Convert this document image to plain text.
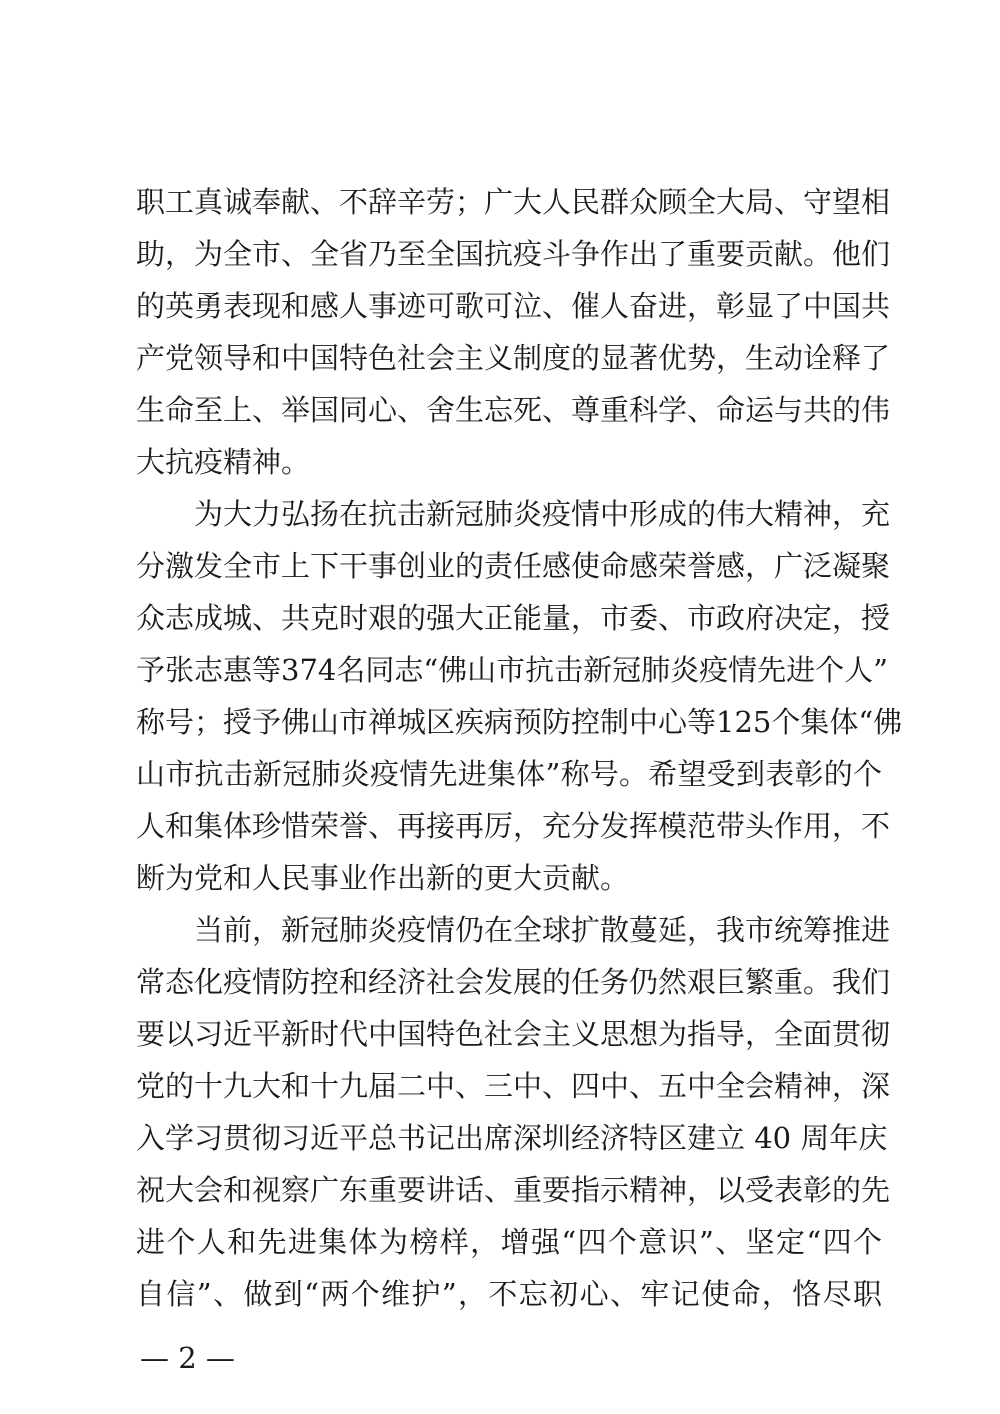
职工真诚奉献、不辞辛劳；广大人民群众顾全大局、守望相
助，为全市、全省乃至全国抗疫斗争作出了重要贡献。他们
的英勇表现和感人事迹可歌可泣、催人奋进，彰显了中国共
产党领导和中国特色社会主义制度的显著优势，生动诠释了
生命至上、举国同心、舍生忘死、尊重科学、命运与共的伟
大抗疫精神。
为大力弘扬在抗击新冠肺炎疫情中形成的伟大精神，充
分激发全市上下干事创业的责任感使命感荣誉感，广泛凝聚
众志成城、共克时艰的强大正能量，市委、市政府决定，授
予张志惠等374名同志“佛山市抗击新冠肺炎疫情先进个人”
称号；授予佛山市禅城区疾病预防控制中心等125个集体“佛
山市抗击新冠肺炎疫情先进集体”称号。希望受到表彰的个
人和集体珍惜荣誉、再接再厉，充分发挥模范带头作用，不
断为党和人民事业作出新的更大贡献。
当前，新冠肺炎疫情仍在全球扩散蔓延，我市统筹推进
常态化疫情防控和经济社会发展的任务仍然艰巨繁重。我们
要以习近平新时代中国特色社会主义思想为指导，全面贯彻
党的十九大和十九届二中、三中、四中、五中全会精神，深
入学习贯彻习近平总书记出席深圳经济特区建立 40 周年庆
祝大会和视察广东重要讲话、重要指示精神，以受表彰的先
进个人和先进集体为榜样，增强“四个意识”、坚定“四个
自信”、做到“两个维护”，不忘初心、牢记使命，恪尽职
— 2 —
